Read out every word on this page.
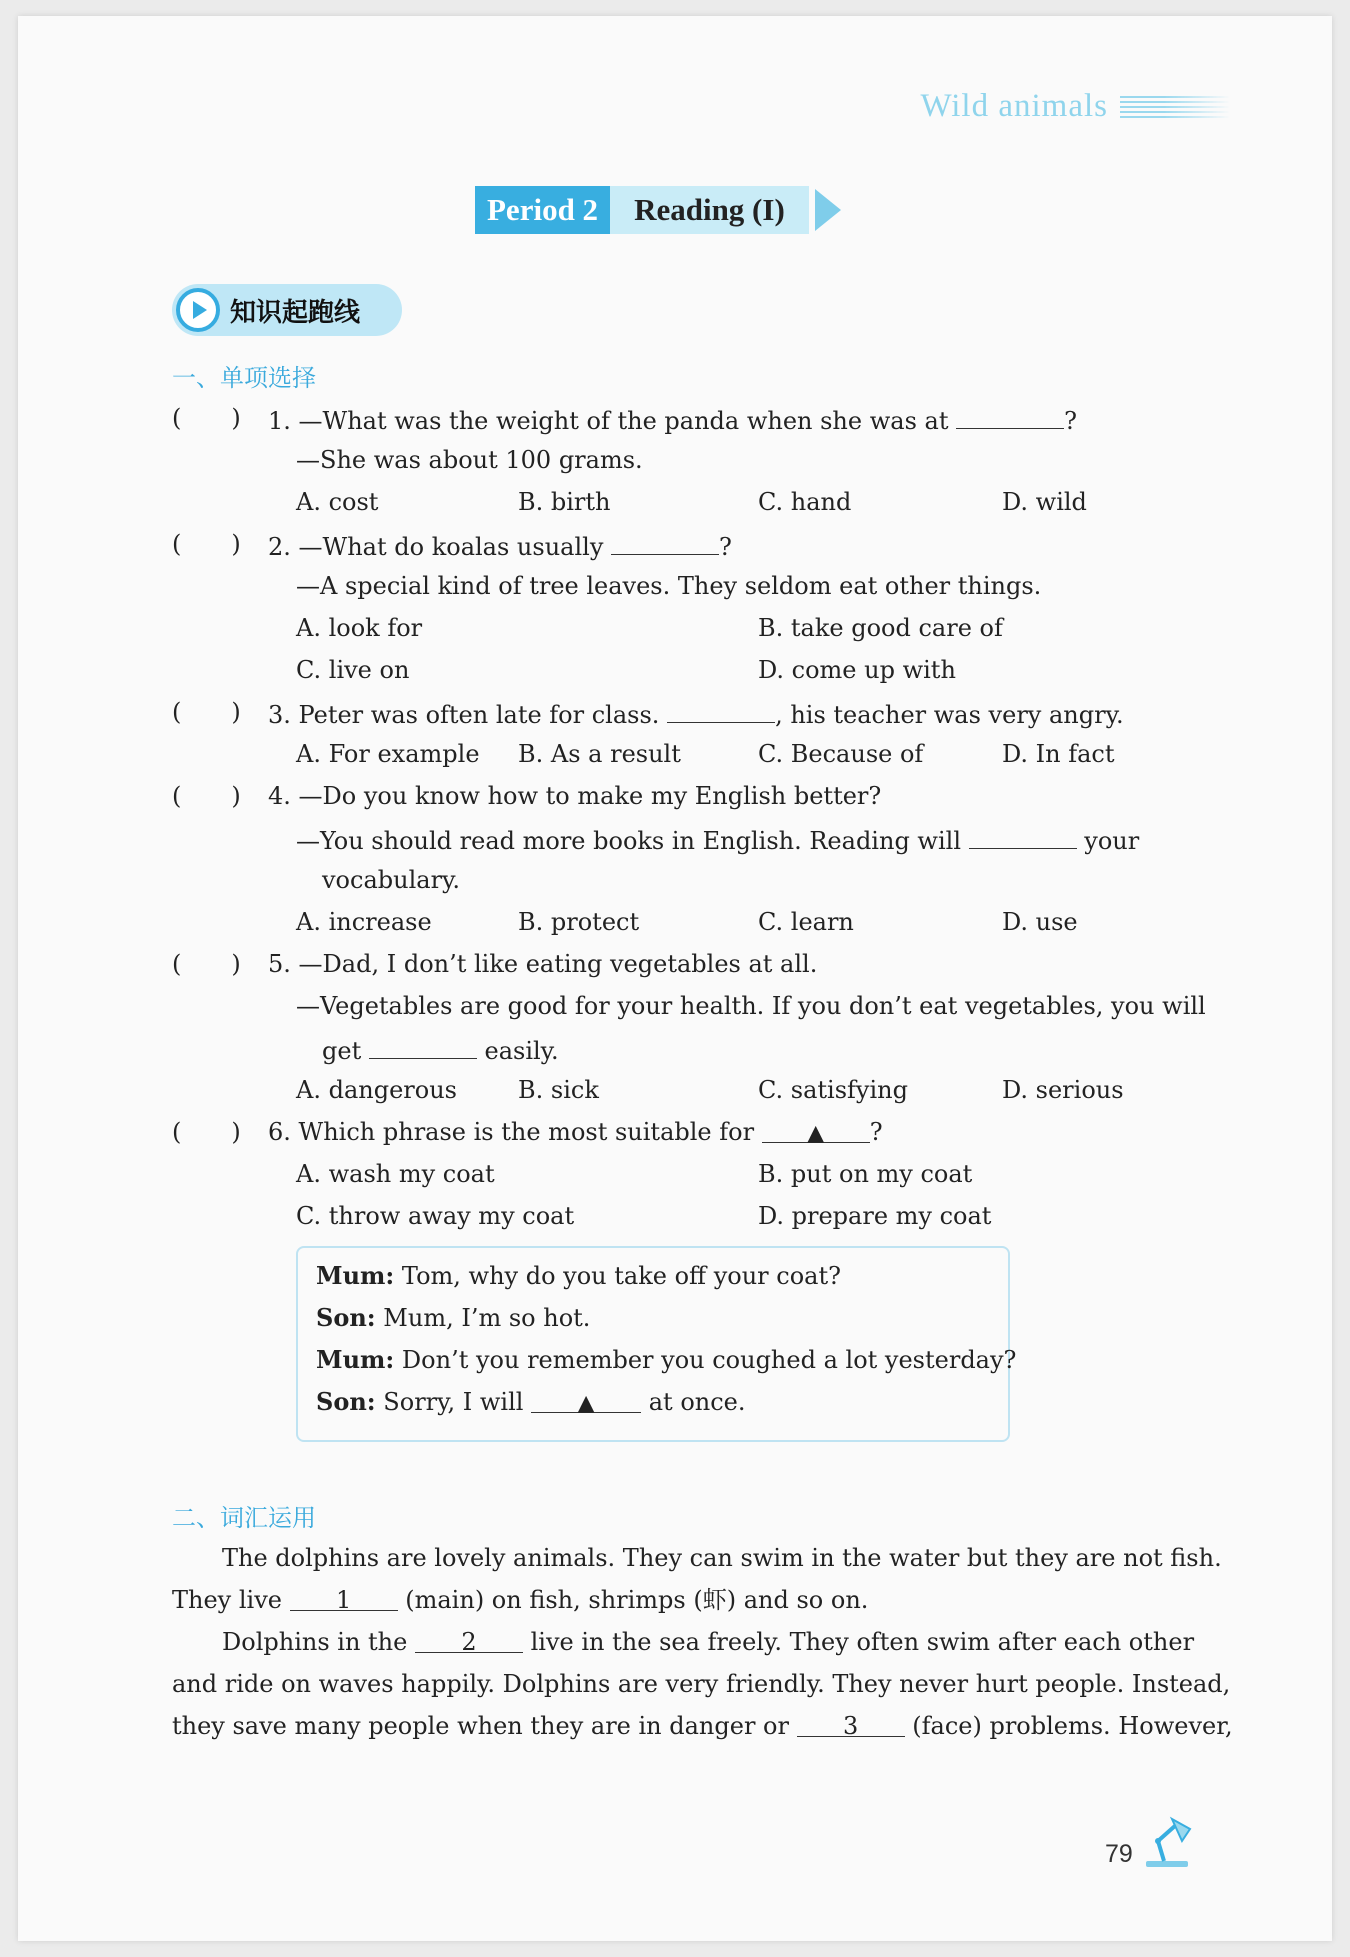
Wild animals
Period 2	Reading (I)
知识起跑线
一、单项选择
( ) 1. —What was the weight of the panda when she was at	?
—She was about 100 grams.
A. cost	B. birth	C. hand	D. wild
( ) 2. —What do koalas usually	?
—A special kind of tree leaves. They seldom eat other things.
A. look for	B. take good care of
C. live on	D. come up with
( ) 3. Peter was often late for class.	, his teacher was very angry.
A. For example B. As a result	C. Because of	D. In fact
( ) 4. —Do you know how to make my English better?
—You should read more books in English. Reading will	your
vocabulary.
A. increase	B. protect	C. learn	D. use
( ) 5. —Dad, I don’t like eating vegetables at all.
—Vegetables are good for your health. If you don’t eat vegetables, you will
get	easily.
A. dangerous	B. sick	C. satisfying	D. serious
( ) 6. Which phrase is the most suitable for ▲ ?
A. wash my coat	B. put on my coat
C. throw away my coat	D. prepare my coat
Mum: Tom, why do you take off your coat?
Son: Mum, I’m so hot.
Mum: Don’t you remember you coughed a lot yesterday?
Son: Sorry, I will ▲ at once.
二、词汇运用
The dolphins are lovely animals. They can swim in the water but they are not fish.
They live 1 (main) on fish, shrimps (虾) and so on.
Dolphins in the 2 live in the sea freely. They often swim after each other
and ride on waves happily. Dolphins are very friendly. They never hurt people. Instead,
they save many people when they are in danger or 3 (face) problems. However,
79
